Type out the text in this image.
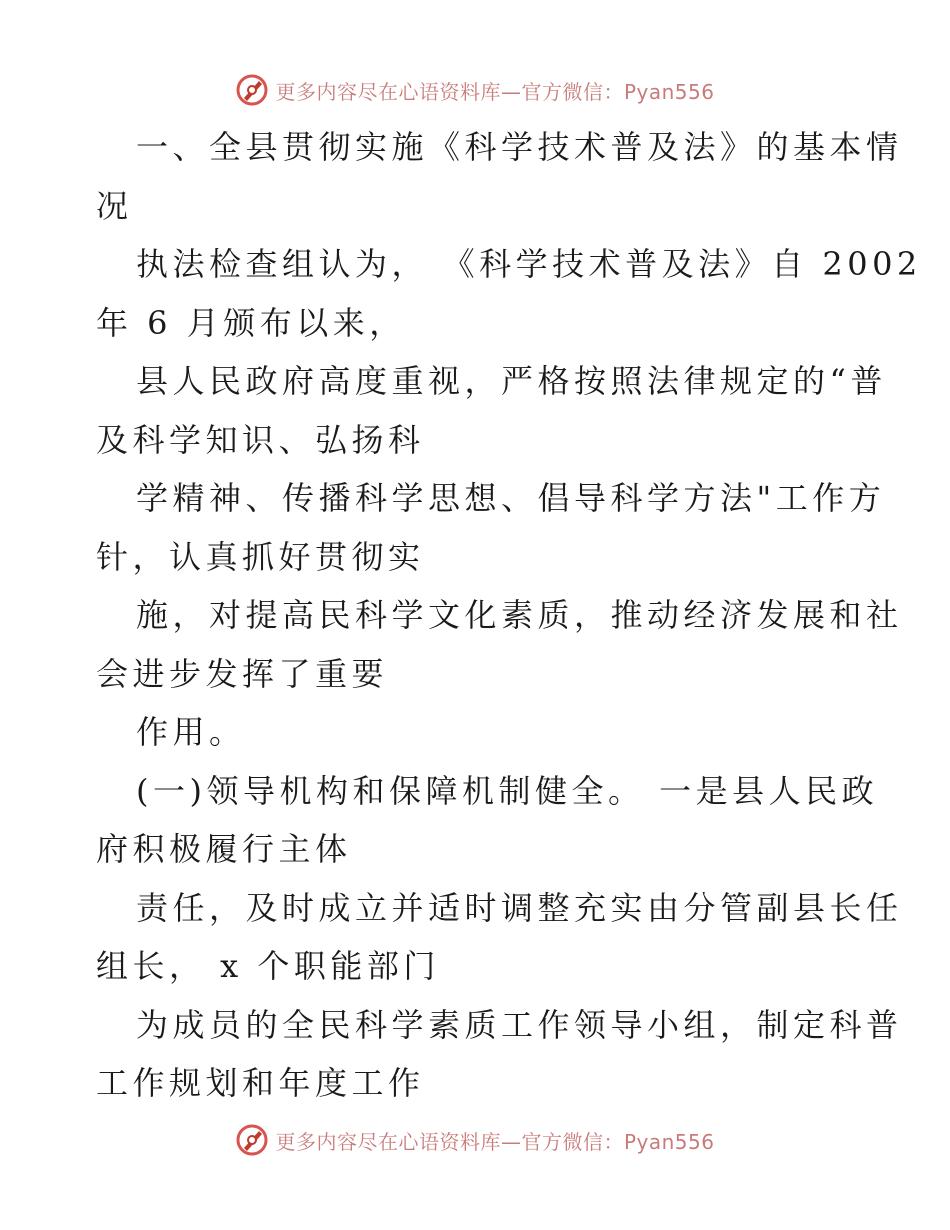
更多内容尽在心语资料库—官方微信：Pyan556
一、全县贯彻实施《科学技术普及法》的基本情
况
执法检查组认为， 《科学技术普及法》自 2002
年 6 月颁布以来，
县人民政府高度重视，严格按照法律规定的“普
及科学知识、弘扬科
学精神、传播科学思想、倡导科学方法"工作方
针，认真抓好贯彻实
施，对提高民科学文化素质，推动经济发展和社
会进步发挥了重要
作用。
(一)领导机构和保障机制健全。 一是县人民政
府积极履行主体
责任，及时成立并适时调整充实由分管副县长任
组长， x 个职能部门
为成员的全民科学素质工作领导小组，制定科普
工作规划和年度工作
更多内容尽在心语资料库—官方微信：Pyan556
